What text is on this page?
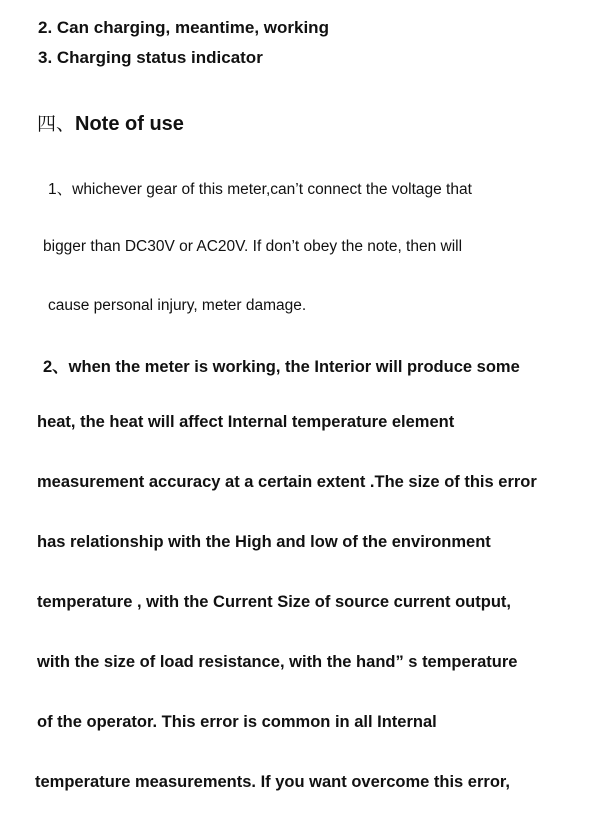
2. Can charging, meantime, working
3. Charging status indicator
四、Note of use
1、whichever gear of this meter,can’t connect the voltage that
bigger than DC30V or AC20V. If don’t obey the note, then will
cause personal injury, meter damage.
2、when the meter is working, the Interior will produce some
heat, the heat will affect Internal temperature element
measurement accuracy at a certain extent .The size of this error
has relationship with the High and low of the environment
temperature , with the Current Size of source current output,
with the size of load resistance, with the hand” s temperature
of the operator. This error is common in all Internal
temperature measurements. If you want overcome this error,
